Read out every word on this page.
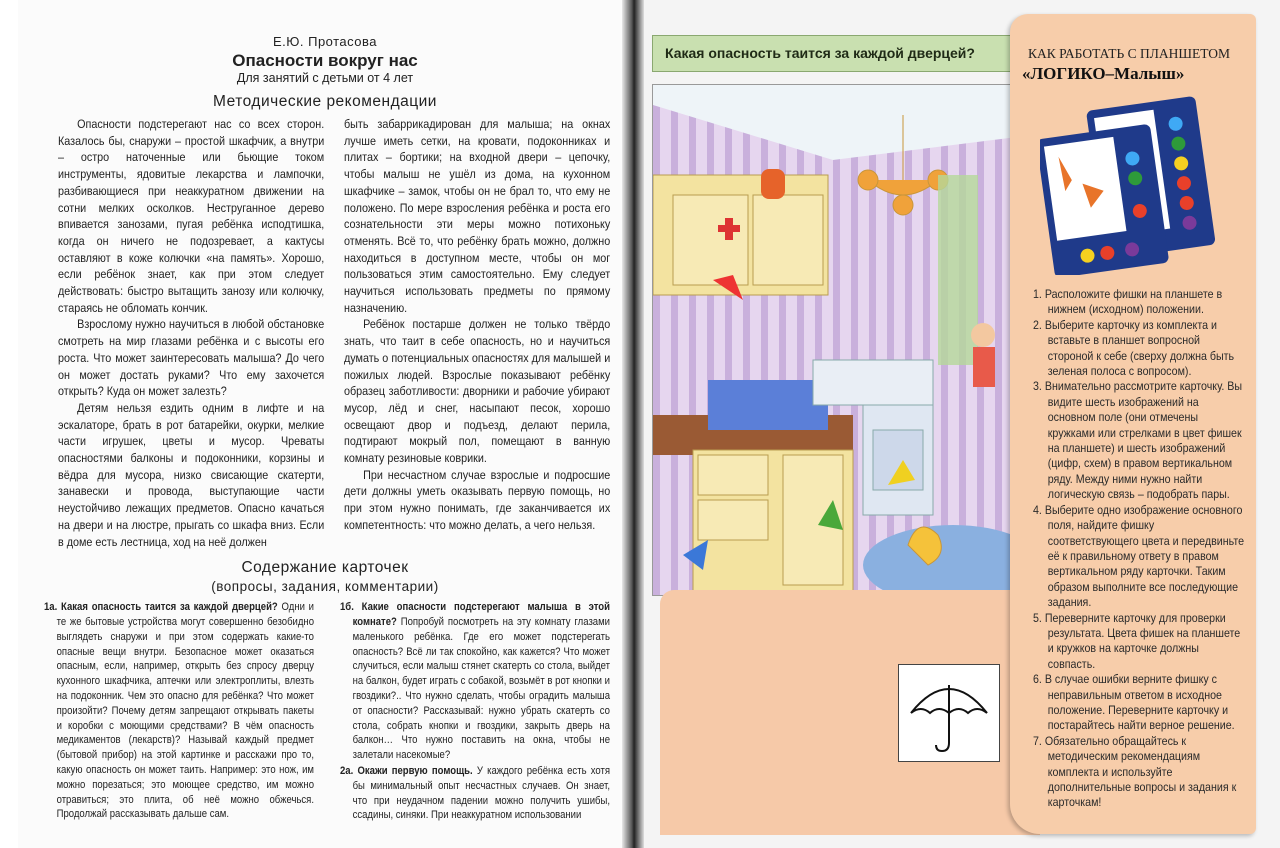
Е.Ю. Протасова
Опасности вокруг нас
Для занятий с детьми от 4 лет
Методические рекомендации

Опасности подстерегают нас со всех сторон. Казалось бы, снаружи – простой шкафчик, а внутри – остро наточенные или бьющие током инструменты, ядовитые лекарства и лампочки, разбивающиеся при неаккуратном движении на сотни мелких осколков. Неструганное дерево впивается занозами, пугая ребёнка исподтишка, когда он ничего не подозревает, а кактусы оставляют в коже колючки «на память». Хорошо, если ребёнок знает, как при этом следует действовать: быстро вытащить занозу или колючку, стараясь не обломать кончик.

Взрослому нужно научиться в любой обстановке смотреть на мир глазами ребёнка и с высоты его роста. Что может заинтересовать малыша? До чего он может достать руками? Что ему захочется открыть? Куда он может залезть?

Детям нельзя ездить одним в лифте и на эскалаторе, брать в рот батарейки, окурки, мелкие части игрушек, цветы и мусор. Чреваты опасностями балконы и подоконники, корзины и вёдра для мусора, низко свисающие скатерти, занавески и провода, выступающие части неустойчиво лежащих предметов. Опасно качаться на двери и на люстре, прыгать со шкафа вниз. Если в доме есть лестница, ход на неё должен

быть забаррикадирован для малыша; на окнах лучше иметь сетки, на кровати, подоконниках и плитах – бортики; на входной двери – цепочку, чтобы малыш не ушёл из дома, на кухонном шкафчике – замок, чтобы он не брал то, что ему не положено. По мере взросления ребёнка и роста его сознательности эти меры можно потихоньку отменять. Всё то, что ребёнку брать можно, должно находиться в доступном месте, чтобы он мог пользоваться этим самостоятельно. Ему следует научиться использовать предметы по прямому назначению.

Ребёнок постарше должен не только твёрдо знать, что таит в себе опасность, но и научиться думать о потенциальных опасностях для малышей и пожилых людей. Взрослые показывают ребёнку образец заботливости: дворники и рабочие убирают мусор, лёд и снег, насыпают песок, хорошо освещают двор и подъезд, делают перила, подтирают мокрый пол, помещают в ванную комнату резиновые коврики.

При несчастном случае взрослые и подросшие дети должны уметь оказывать первую помощь, но при этом нужно понимать, где заканчивается их компетентность: что можно делать, а чего нельзя.

Содержание карточек
(вопросы, задания, комментарии)

1а. Какая опасность таится за каждой дверцей? Одни и те же бытовые устройства могут совершенно безобидно выглядеть снаружи и при этом содержать какие-то опасные вещи внутри. Безопасное может оказаться опасным, если, например, открыть без спросу дверцу кухонного шкафчика, аптечки или электроплиты, влезть на подоконник. Чем это опасно для ребёнка? Что может произойти? Почему детям запрещают открывать пакеты и коробки с моющими средствами? В чём опасность медикаментов (лекарств)? Называй каждый предмет (бытовой прибор) на этой картинке и расскажи про то, какую опасность он может таить. Например: это нож, им можно порезаться; это моющее средство, им можно отравиться; это плита, об неё можно обжечься. Продолжай рассказывать дальше сам.

1б. Какие опасности подстерегают малыша в этой комнате? Попробуй посмотреть на эту комнату глазами маленького ребёнка. Где его может подстерегать опасность? Всё ли так спокойно, как кажется? Что может случиться, если малыш стянет скатерть со стола, выйдет на балкон, будет играть с собакой, возьмёт в рот кнопки и гвоздики?.. Что нужно сделать, чтобы оградить малыша от опасности? Рассказывай: нужно убрать скатерть со стола, собрать кнопки и гвоздики, закрыть дверь на балкон… Что нужно поставить на окна, чтобы не залетали насекомые?

2а. Окажи первую помощь. У каждого ребёнка есть хотя бы минимальный опыт несчастных случаев. Он знает, что при неудачном падении можно получить ушибы, ссадины, синяки. При неаккуратном использовании

Какая опасность таится за каждой дверцей?	КАК РАБОТАТЬ С ПЛАНШЕТОМ
«ЛОГИКО–Малыш»
1. Расположите фишки на планшете в нижнем (исходном) положении.
2. Выберите карточку из комплекта и вставьте в планшет вопросной стороной к себе (сверху должна быть зеленая полоса с вопросом).
3. Внимательно рассмотрите карточку. Вы видите шесть изображений на основном поле (они отмечены кружками или стрелками в цвет фишек на планшете) и шесть изображений (цифр, схем) в правом вертикальном ряду. Между ними нужно найти логическую связь – подобрать пары.
4. Выберите одно изображение основного поля, найдите фишку соответствующего цвета и передвиньте её к правильному ответу в правом вертикальном ряду карточки. Таким образом выполните все последующие задания.
5. Переверните карточку для проверки результата. Цвета фишек на планшете и кружков на карточке должны совпасть.
6. В случае ошибки верните фишку с неправильным ответом в исходное положение. Переверните карточку и постарайтесь найти верное решение.
7. Обязательно обращайтесь к методическим рекомендациям комплекта и используйте дополнительные вопросы и задания к карточкам!
